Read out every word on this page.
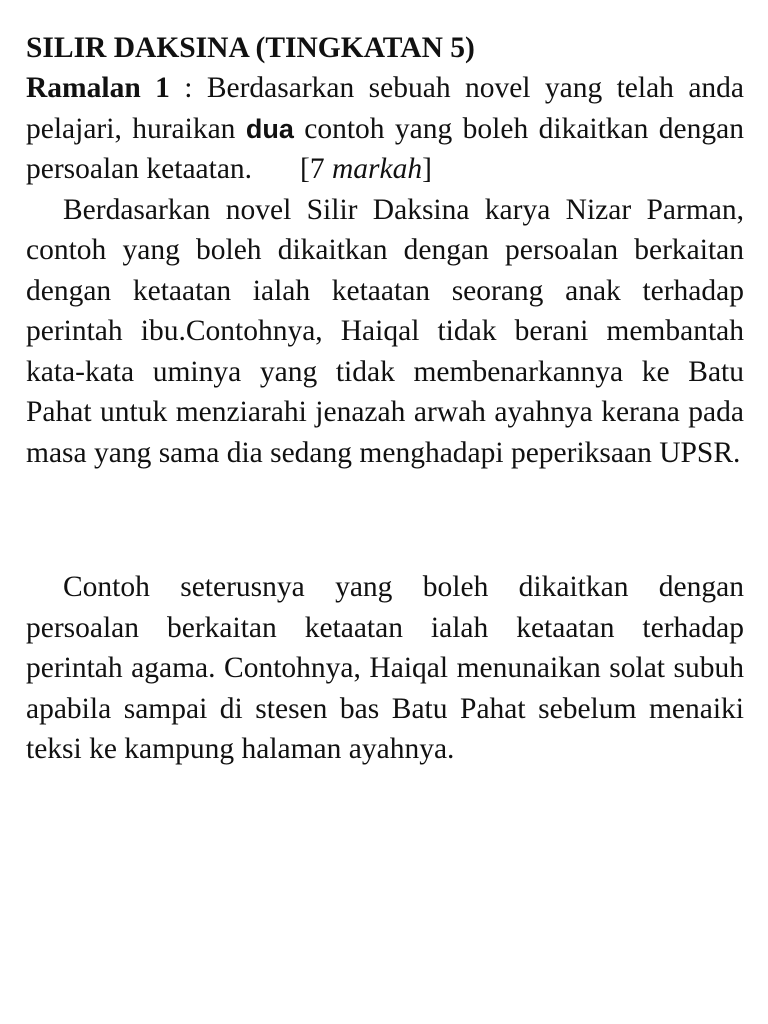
SILIR DAKSINA (TINGKATAN 5)

Ramalan 1 : Berdasarkan sebuah novel yang telah anda pelajari, huraikan dua contoh yang boleh dikaitkan dengan persoalan ketaatan. [7 markah]

Berdasarkan novel Silir Daksina karya Nizar Parman, contoh yang boleh dikaitkan dengan persoalan berkaitan dengan ketaatan ialah ketaatan seorang anak terhadap perintah ibu.Contohnya, Haiqal tidak berani membantah kata-kata uminya yang tidak membenarkannya ke Batu Pahat untuk menziarahi jenazah arwah ayahnya kerana pada masa yang sama dia sedang menghadapi peperiksaan UPSR.

Contoh seterusnya yang boleh dikaitkan dengan persoalan berkaitan ketaatan ialah ketaatan terhadap perintah agama. Contohnya, Haiqal menunaikan solat subuh apabila sampai di stesen bas Batu Pahat sebelum menaiki teksi ke kampung halaman ayahnya.
